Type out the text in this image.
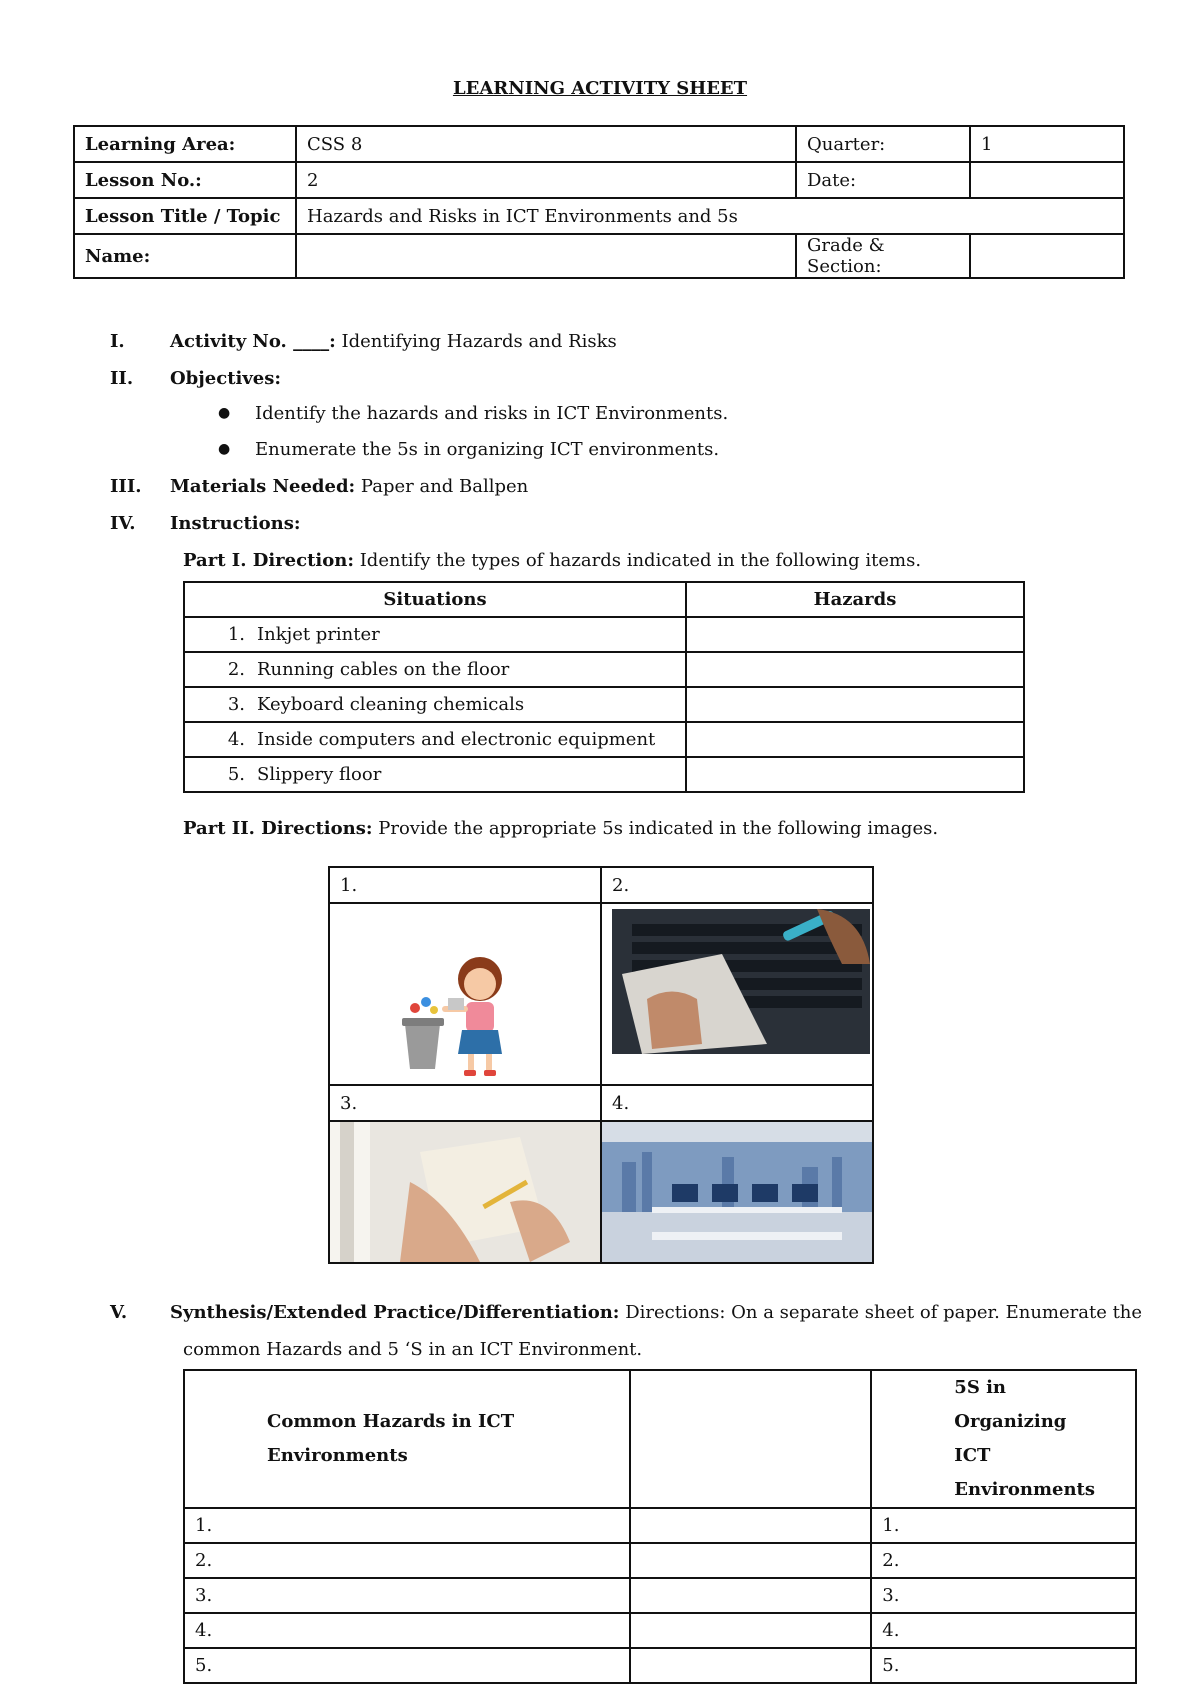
LEARNING ACTIVITY SHEET
Learning Area:	CSS 8	Quarter:	1
Lesson No.:	2	Date:	
Lesson Title / Topic	Hazards and Risks in ICT Environments and 5s		
Name:		Grade & Section:	
I.	Activity No. ____: Identifying Hazards and Risks
II. Objectives:
● Identify the hazards and risks in ICT Environments.
● Enumerate the 5s in organizing ICT environments.
III. Materials Needed: Paper and Ballpen
IV. Instructions:
Part I. Direction: Identify the types of hazards indicated in the following items.
Situations	Hazards
1. Inkjet printer	
2. Running cables on the floor	
3. Keyboard cleaning chemicals	
4. Inside computers and electronic equipment	
5. Slippery floor	
Part II. Directions: Provide the appropriate 5s indicated in the following images.
1.	2.

3.	4.

V. Synthesis/Extended Practice/Differentiation: Directions: On a separate sheet of paper. Enumerate the
common Hazards and 5 ‘S in an ICT Environment.
Common Hazards in ICT Environments		5S in Organizing ICT Environments
1.		1.
2.		2.
3.		3.
4.		4.
5.		5.
